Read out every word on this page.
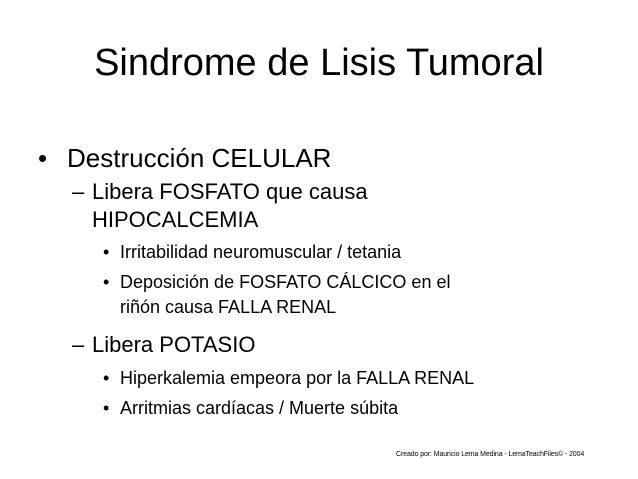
Sindrome de Lisis Tumoral
• Destrucción CELULAR
– Libera FOSFATO que causa
HIPOCALCEMIA
• Irritabilidad neuromuscular / tetania
• Deposición de FOSFATO CÁLCICO en el
riñón causa FALLA RENAL
– Libera POTASIO
• Hiperkalemia empeora por la FALLA RENAL
• Arritmias cardíacas / Muerte súbita
Creado por: Mauricio Lema Medina - LemaTeachFiles© - 2004
